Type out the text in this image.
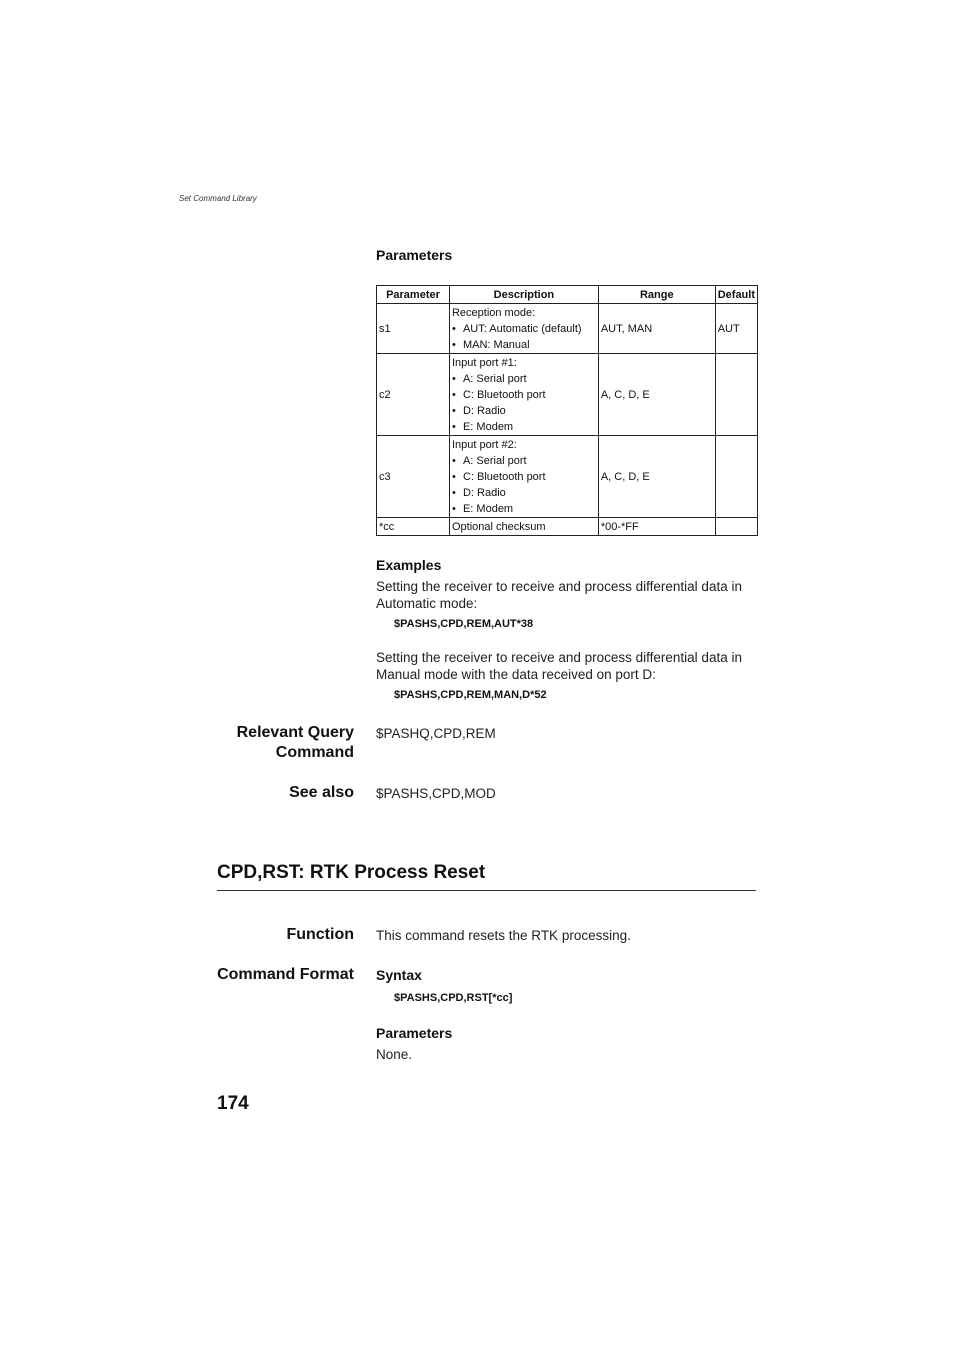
Set Command Library
Parameters
Parameter	Description	Range	Default
s1	Reception mode:
• AUT: Automatic (default)
• MAN: Manual	AUT, MAN	AUT
c2	Input port #1:
• A: Serial port
• C: Bluetooth port
• D: Radio
• E: Modem	A, C, D, E	
c3	Input port #2:
• A: Serial port
• C: Bluetooth port
• D: Radio
• E: Modem	A, C, D, E	
*cc	Optional checksum	*00-*FF	
Examples
Setting the receiver to receive and process differential data in Automatic mode:
$PASHS,CPD,REM,AUT*38
Setting the receiver to receive and process differential data in Manual mode with the data received on port D:
$PASHS,CPD,REM,MAN,D*52
Relevant Query
Command
$PASHQ,CPD,REM
See also $PASHS,CPD,MOD
CPD,RST: RTK Process Reset
Function This command resets the RTK processing.
Command Format Syntax
$PASHS,CPD,RST[*cc]
Parameters
None.
174
